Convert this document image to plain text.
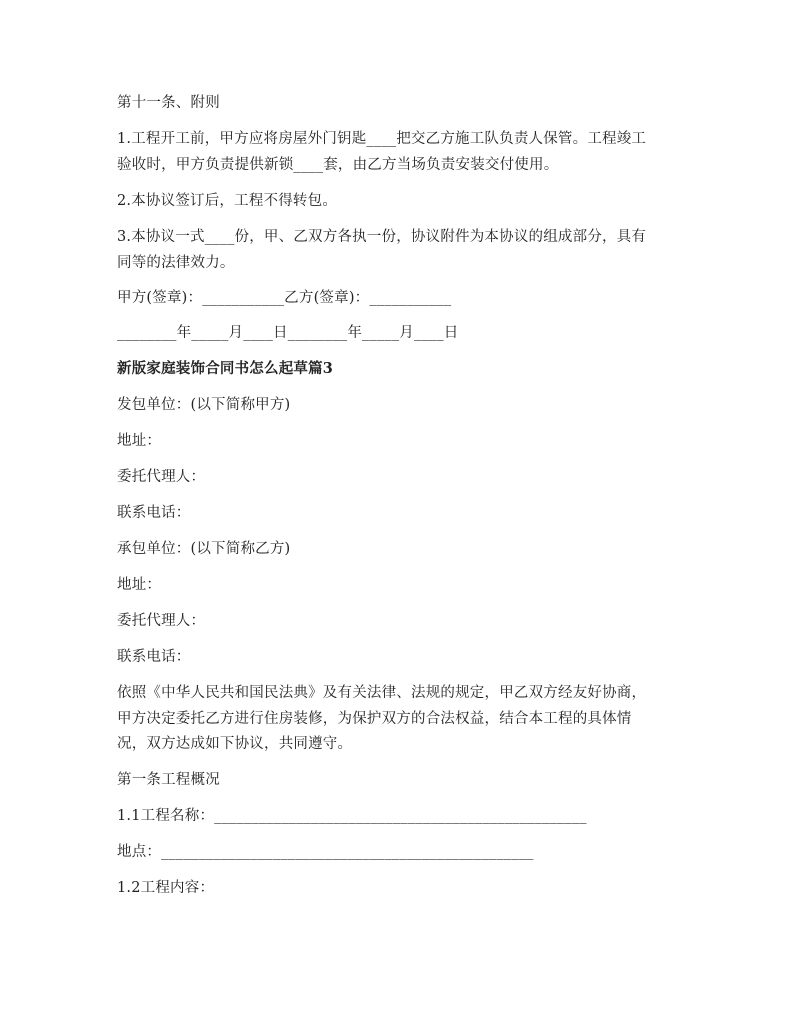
第十一条、附则
1.工程开工前，甲方应将房屋外门钥匙____把交乙方施工队负责人保管。工程竣工
验收时，甲方负责提供新锁____套，由乙方当场负责安装交付使用。
2.本协议签订后，工程不得转包。
3.本协议一式____份，甲、乙双方各执一份，协议附件为本协议的组成部分，具有
同等的法律效力。
甲方(签章)：___________乙方(签章)：___________
________年_____月____日________年_____月____日
新版家庭装饰合同书怎么起草篇3
发包单位：(以下简称甲方)
地址：
委托代理人：
联系电话：
承包单位：(以下简称乙方)
地址：
委托代理人：
联系电话：
依照《中华人民共和国民法典》及有关法律、法规的规定，甲乙双方经友好协商，
甲方决定委托乙方进行住房装修，为保护双方的合法权益，结合本工程的具体情
况，双方达成如下协议，共同遵守。
第一条工程概况
1.1工程名称：__________________________________________________
地点：__________________________________________________
1.2工程内容：
